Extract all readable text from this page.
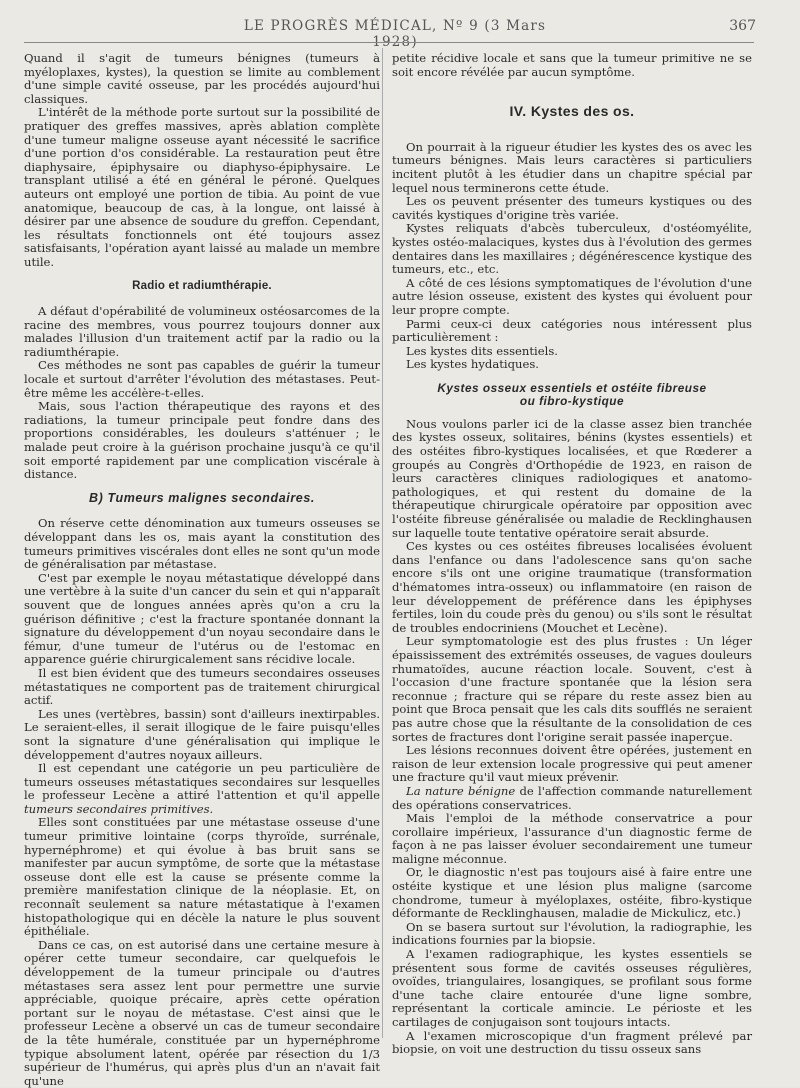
LE PROGRÈS MÉDICAL, Nº 9 (3 Mars 1928)
367

Quand il s'agit de tumeurs bénignes (tumeurs à myéloplaxes, kystes), la question se limite au comblement d'une simple cavité osseuse, par les procédés aujourd'hui classiques.

L'intérêt de la méthode porte surtout sur la possibilité de pratiquer des greffes massives, après ablation complète d'une tumeur maligne osseuse ayant nécessité le sacrifice d'une portion d'os considérable. La restauration peut être diaphysaire, épiphysaire ou diaphyso-épiphysaire. Le transplant utilisé a été en général le péroné. Quelques auteurs ont employé une portion de tibia. Au point de vue anatomique, beaucoup de cas, à la longue, ont laissé à désirer par une absence de soudure du greffon. Cependant, les résultats fonctionnels ont été toujours assez satisfaisants, l'opération ayant laissé au malade un membre utile.

Radio et radiumthérapie.

A défaut d'opérabilité de volumineux ostéosarcomes de la racine des membres, vous pourrez toujours donner aux malades l'illusion d'un traitement actif par la radio ou la radiumthérapie.

Ces méthodes ne sont pas capables de guérir la tumeur locale et surtout d'arrêter l'évolution des métastases. Peut-être même les accélère-t-elles.

Mais, sous l'action thérapeutique des rayons et des radiations, la tumeur principale peut fondre dans des proportions considérables, les douleurs s'atténuer ; le malade peut croire à la guérison prochaine jusqu'à ce qu'il soit emporté rapidement par une complication viscérale à distance.

B) Tumeurs malignes secondaires.

On réserve cette dénomination aux tumeurs osseuses se développant dans les os, mais ayant la constitution des tumeurs primitives viscérales dont elles ne sont qu'un mode de généralisation par métastase.

C'est par exemple le noyau métastatique développé dans une vertèbre à la suite d'un cancer du sein et qui n'apparaît souvent que de longues années après qu'on a cru la guérison définitive ; c'est la fracture spontanée donnant la signature du développement d'un noyau secondaire dans le fémur, d'une tumeur de l'utérus ou de l'estomac en apparence guérie chirurgicalement sans récidive locale.

Il est bien évident que des tumeurs secondaires osseuses métastatiques ne comportent pas de traitement chirurgical actif.

Les unes (vertèbres, bassin) sont d'ailleurs inextirpables. Le seraient-elles, il serait illogique de le faire puisqu'elles sont la signature d'une généralisation qui implique le développement d'autres noyaux ailleurs.

Il est cependant une catégorie un peu particulière de tumeurs osseuses métastatiques secondaires sur lesquelles le professeur Lecène a attiré l'attention et qu'il appelle tumeurs secondaires primitives.

Elles sont constituées par une métastase osseuse d'une tumeur primitive lointaine (corps thyroïde, surrénale, hypernéphrome) et qui évolue à bas bruit sans se manifester par aucun symptôme, de sorte que la métastase osseuse dont elle est la cause se présente comme la première manifestation clinique de la néoplasie. Et, on reconnaît seulement sa nature métastatique à l'examen histopathologique qui en décèle la nature le plus souvent épithéliale.

Dans ce cas, on est autorisé dans une certaine mesure à opérer cette tumeur secondaire, car quelquefois le développement de la tumeur principale ou d'autres métastases sera assez lent pour permettre une survie appréciable, quoique précaire, après cette opération portant sur le noyau de métastase. C'est ainsi que le professeur Lecène a observé un cas de tumeur secondaire de la tête humérale, constituée par un hypernéphrome typique absolument latent, opérée par résection du 1/3 supérieur de l'humérus, qui après plus d'un an n'avait fait qu'une

petite récidive locale et sans que la tumeur primitive ne se soit encore révélée par aucun symptôme.

IV. Kystes des os.

On pourrait à la rigueur étudier les kystes des os avec les tumeurs bénignes. Mais leurs caractères si particuliers incitent plutôt à les étudier dans un chapitre spécial par lequel nous terminerons cette étude.

Les os peuvent présenter des tumeurs kystiques ou des cavités kystiques d'origine très variée.

Kystes reliquats d'abcès tuberculeux, d'ostéomyélite, kystes ostéo-malaciques, kystes dus à l'évolution des germes dentaires dans les maxillaires ; dégénérescence kystique des tumeurs, etc., etc.

A côté de ces lésions symptomatiques de l'évolution d'une autre lésion osseuse, existent des kystes qui évoluent pour leur propre compte.

Parmi ceux-ci deux catégories nous intéressent plus particulièrement :

Les kystes dits essentiels.

Les kystes hydatiques.

Kystes osseux essentiels et ostéite fibreuse
ou fibro-kystique

Nous voulons parler ici de la classe assez bien tranchée des kystes osseux, solitaires, bénins (kystes essentiels) et des ostéites fibro-kystiques localisées, et que Rœderer a groupés au Congrès d'Orthopédie de 1923, en raison de leurs caractères cliniques radiologiques et anatomo-pathologiques, et qui restent du domaine de la thérapeutique chirurgicale opératoire par opposition avec l'ostéite fibreuse généralisée ou maladie de Recklinghausen sur laquelle toute tentative opératoire serait absurde.

Ces kystes ou ces ostéites fibreuses localisées évoluent dans l'enfance ou dans l'adolescence sans qu'on sache encore s'ils ont une origine traumatique (transformation d'hématomes intra-osseux) ou inflammatoire (en raison de leur développement de préférence dans les épiphyses fertiles, loin du coude près du genou) ou s'ils sont le résultat de troubles endocriniens (Mouchet et Lecène).

Leur symptomatologie est des plus frustes : Un léger épaississement des extrémités osseuses, de vagues douleurs rhumatoïdes, aucune réaction locale. Souvent, c'est à l'occasion d'une fracture spontanée que la lésion sera reconnue ; fracture qui se répare du reste assez bien au point que Broca pensait que les cals dits soufflés ne seraient pas autre chose que la résultante de la consolidation de ces sortes de fractures dont l'origine serait passée inaperçue.

Les lésions reconnues doivent être opérées, justement en raison de leur extension locale progressive qui peut amener une fracture qu'il vaut mieux prévenir.

La nature bénigne de l'affection commande naturellement des opérations conservatrices.

Mais l'emploi de la méthode conservatrice a pour corollaire impérieux, l'assurance d'un diagnostic ferme de façon à ne pas laisser évoluer secondairement une tumeur maligne méconnue.

Or, le diagnostic n'est pas toujours aisé à faire entre une ostéite kystique et une lésion plus maligne (sarcome chondrome, tumeur à myéloplaxes, ostéite, fibro-kystique déformante de Recklinghausen, maladie de Mickulicz, etc.)

On se basera surtout sur l'évolution, la radiographie, les indications fournies par la biopsie.

A l'examen radiographique, les kystes essentiels se présentent sous forme de cavités osseuses régulières, ovoïdes, triangulaires, losangiques, se profilant sous forme d'une tache claire entourée d'une ligne sombre, représentant la corticale amincie. Le périoste et les cartilages de conjugaison sont toujours intacts.

A l'examen microscopique d'un fragment prélevé par biopsie, on voit une destruction du tissu osseux sans
